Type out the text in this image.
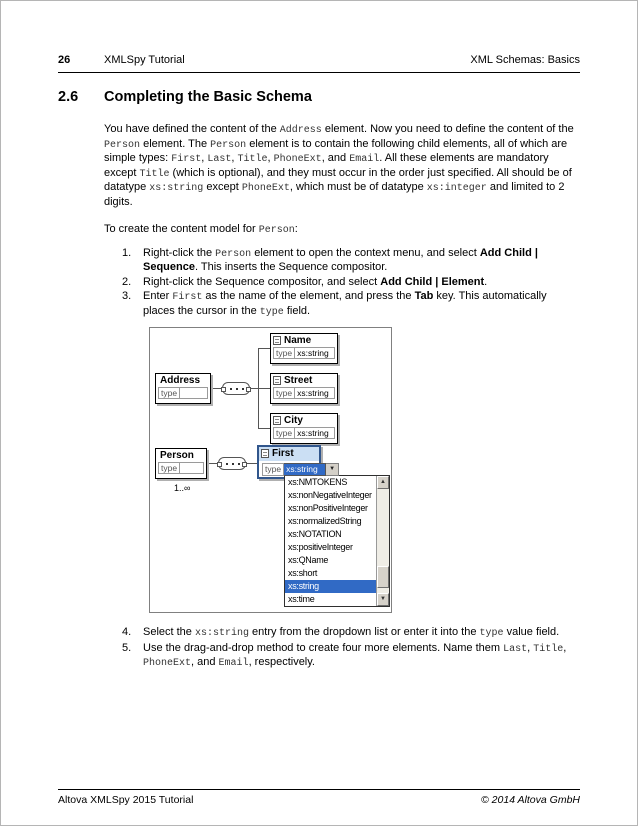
26	XMLSpy Tutorial	XML Schemas: Basics
2.6	Completing the Basic Schema
You have defined the content of the Address element. Now you need to define the content of the Person element. The Person element is to contain the following child elements, all of which are simple types: First, Last, Title, PhoneExt, and Email. All these elements are mandatory except Title (which is optional), and they must occur in the order just specified. All should be of datatype xs:string except PhoneExt, which must be of datatype xs:integer and limited to 2 digits.
To create the content model for Person:
1.	Right-click the Person element to open the context menu, and select Add Child | Sequence. This inserts the Sequence compositor.
2.	Right-click the Sequence compositor, and select Add Child | Element.
3.	Enter First as the name of the element, and press the Tab key. This automatically places the cursor in the type field.
Address
type
Name
type xs:string
Street
type xs:string
City
type xs:string
Person
type
1..∞
First
type xs:string	▼
xs:NMTOKENS
xs:nonNegativeInteger
xs:nonPositiveInteger
xs:normalizedString
xs:NOTATION
xs:positiveInteger
xs:QName
xs:short
xs:string
xs:time
▲
▼
4.	Select the xs:string entry from the dropdown list or enter it into the type value field.
5.	Use the drag-and-drop method to create four more elements. Name them Last, Title, PhoneExt, and Email, respectively.
Altova XMLSpy 2015 Tutorial	© 2014 Altova GmbH
